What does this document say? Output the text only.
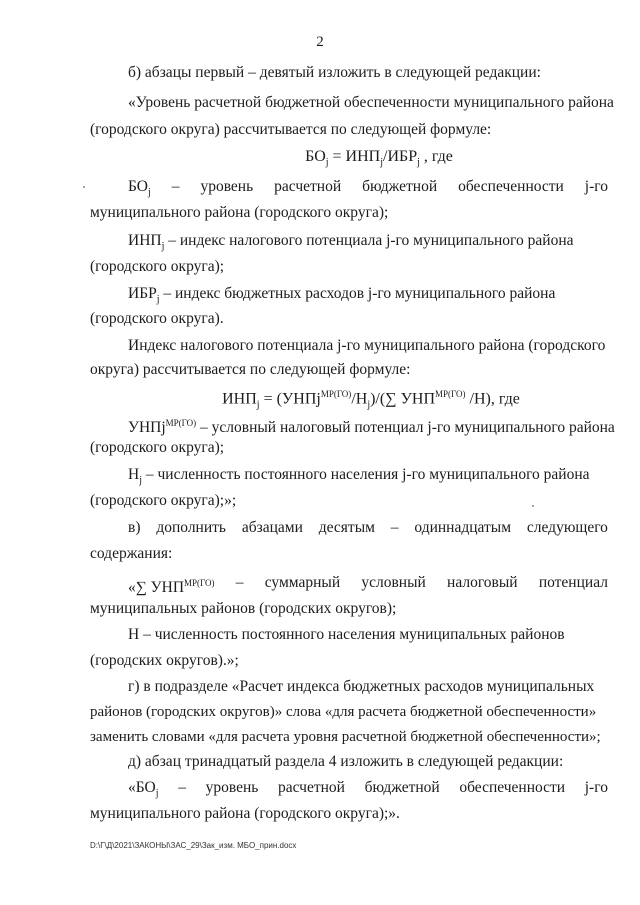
2
б) абзацы первый – девятый изложить в следующей редакции:
«Уровень расчетной бюджетной обеспеченности муниципального района
(городского округа) рассчитывается по следующей формуле:
$БО_j = ИНП_j/ИБР_j$ , где
$БО_j$ – уровень расчетной бюджетной обеспеченности j-го
муниципального района (городского округа);
$ИНП_j$ – индекс налогового потенциала j-го муниципального района
(городского округа);
$ИБР_j$ – индекс бюджетных расходов j-го муниципального района
(городского округа).
Индекс налогового потенциала j-го муниципального района (городского
округа) рассчитывается по следующей формуле:
$ИНП_j$ = $(УНПj^{МР(ГО)}/Н_j)/(\sum$ $УНП^{МР(ГО)}$ /Н), где
УНПj$^{МР(ГО)}$ – условный налоговый потенциал j-го муниципального района
(городского округа);
$Н_j$ – численность постоянного населения j-го муниципального района
(городского округа);»;
в) дополнить абзацами десятым – одиннадцатым следующего
содержания:
«∑ $УНП^{МР(ГО)}$ – суммарный условный налоговый потенциал
муниципальных районов (городских округов);
Н – численность постоянного населения муниципальных районов
(городских округов).»;
г) в подразделе «Расчет индекса бюджетных расходов муниципальных
районов (городских округов)» слова «для расчета бюджетной обеспеченности»
заменить словами «для расчета уровня расчетной бюджетной обеспеченности»;
д) абзац тринадцатый раздела 4 изложить в следующей редакции:
«$БО_j$ – уровень расчетной бюджетной обеспеченности j-го
муниципального района (городского округа);».
D:\Г\Д\2021\ЗАКОНЫ\ЗАС_29\Зак_изм. МБО_прин.docx
